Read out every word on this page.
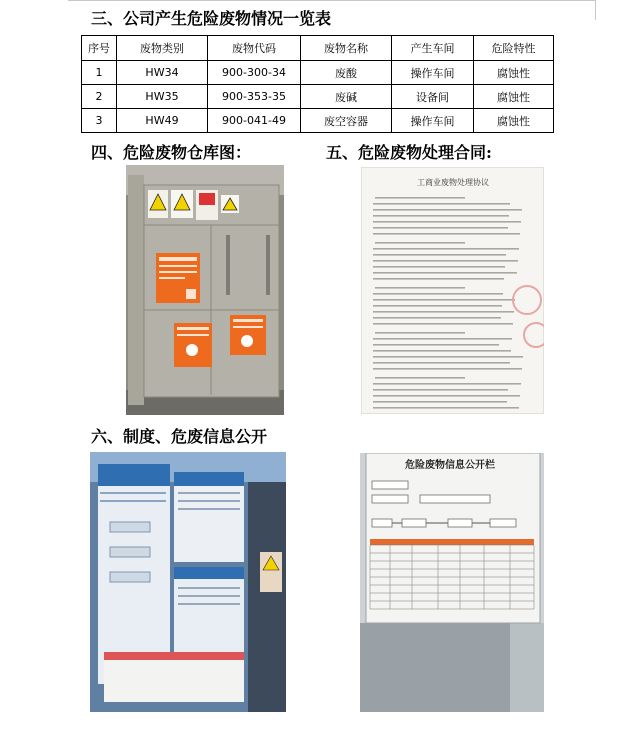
三、公司产生危险废物情况一览表
序号	废物类别	废物代码	废物名称	产生车间	危险特性
1	HW34	900-300-34	废酸	操作车间	腐蚀性
2	HW35	900-353-35	废碱	设备间	腐蚀性
3	HW49	900-041-49	废空容器	操作车间	腐蚀性
四、危险废物仓库图：	五、危险废物处理合同:
工商业废物处理协议
六、制度、危废信息公开
危险废物信息公开栏
